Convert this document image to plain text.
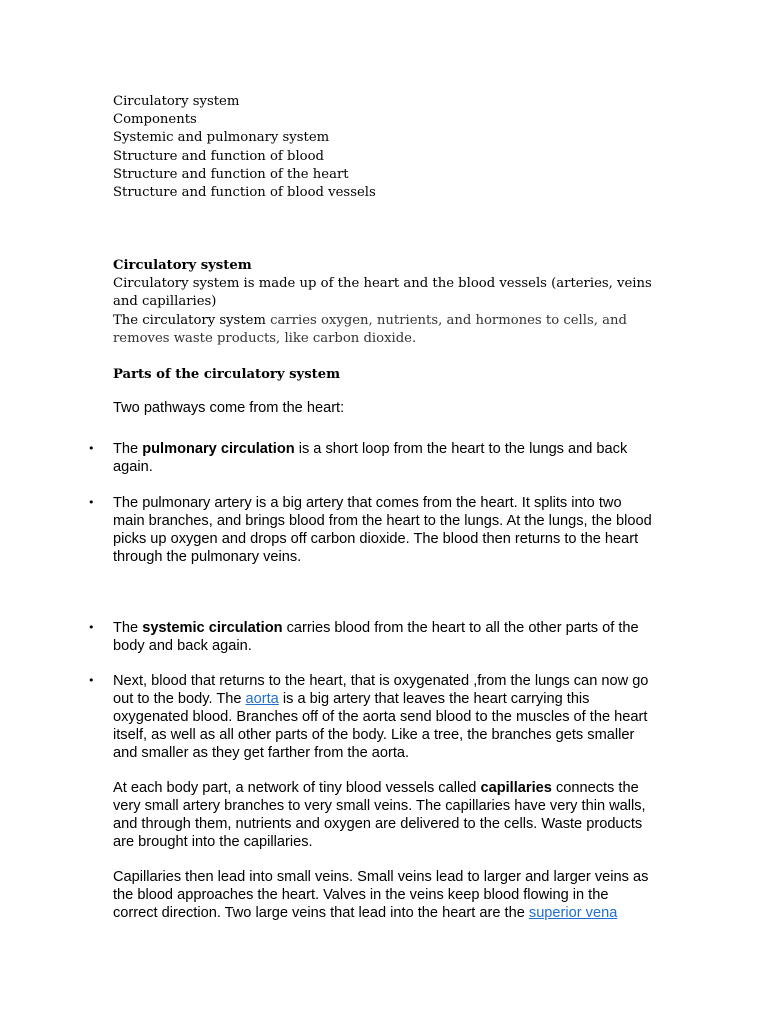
Circulatory system
Components
Systemic and pulmonary system
Structure and function of blood
Structure and function of the heart
Structure and function of blood vessels
Circulatory system
Circulatory system is made up of the heart and the blood vessels (arteries, veins and capillaries)
The circulatory system carries oxygen, nutrients, and hormones to cells, and removes waste products, like carbon dioxide.
Parts of the circulatory system
Two pathways come from the heart:
• The pulmonary circulation is a short loop from the heart to the lungs and back again.
• The pulmonary artery is a big artery that comes from the heart. It splits into two main branches, and brings blood from the heart to the lungs. At the lungs, the blood picks up oxygen and drops off carbon dioxide. The blood then returns to the heart through the pulmonary veins.
• The systemic circulation carries blood from the heart to all the other parts of the body and back again.
• Next, blood that returns to the heart, that is oxygenated ,from the lungs can now go out to the body. The aorta is a big artery that leaves the heart carrying this oxygenated blood. Branches off of the aorta send blood to the muscles of the heart itself, as well as all other parts of the body. Like a tree, the branches gets smaller and smaller as they get farther from the aorta.
At each body part, a network of tiny blood vessels called capillaries connects the very small artery branches to very small veins. The capillaries have very thin walls, and through them, nutrients and oxygen are delivered to the cells. Waste products are brought into the capillaries.
Capillaries then lead into small veins. Small veins lead to larger and larger veins as the blood approaches the heart. Valves in the veins keep blood flowing in the correct direction. Two large veins that lead into the heart are the superior vena
